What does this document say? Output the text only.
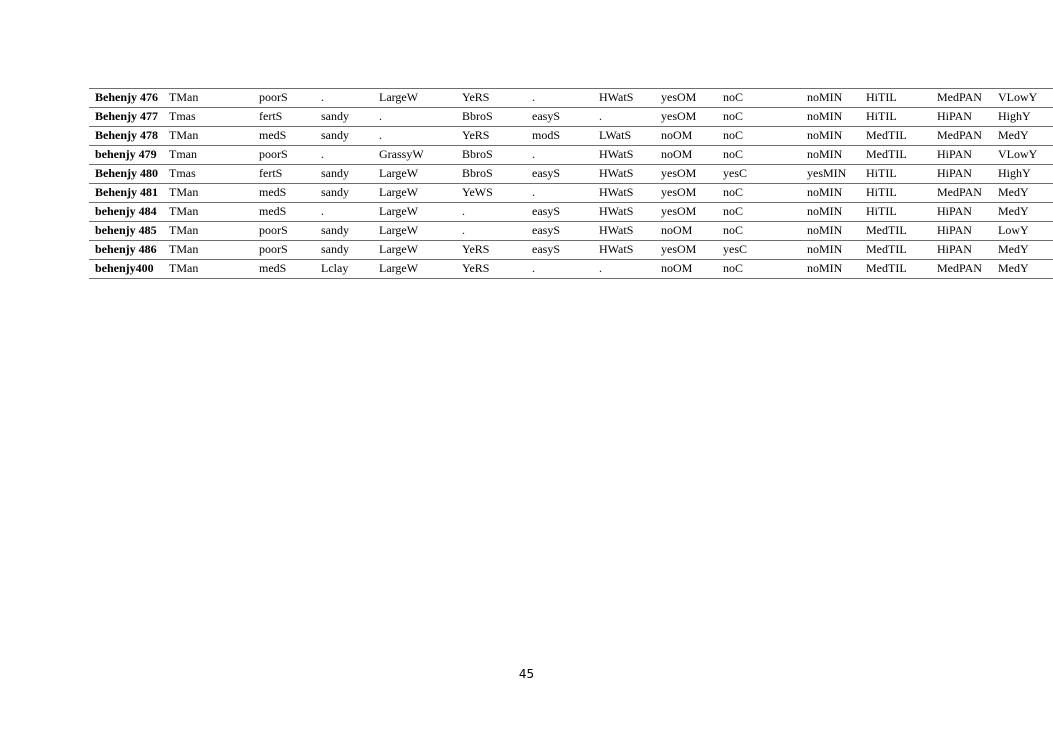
Behenjy 476	TMan	poorS	.	LargeW	YeRS	.	HWatS	yesOM	noC	noMIN	HiTIL	MedPAN	VLowY
Behenjy 477	Tmas	fertS	sandy	.	BbroS	easyS	.	yesOM	noC	noMIN	HiTIL	HiPAN	HighY
Behenjy 478	TMan	medS	sandy	.	YeRS	modS	LWatS	noOM	noC	noMIN	MedTIL	MedPAN	MedY
behenjy 479	Tman	poorS	.	GrassyW	BbroS	.	HWatS	noOM	noC	noMIN	MedTIL	HiPAN	VLowY
Behenjy 480	Tmas	fertS	sandy	LargeW	BbroS	easyS	HWatS	yesOM	yesC	yesMIN	HiTIL	HiPAN	HighY
Behenjy 481	TMan	medS	sandy	LargeW	YeWS	.	HWatS	yesOM	noC	noMIN	HiTIL	MedPAN	MedY
behenjy 484	TMan	medS	.	LargeW	.	easyS	HWatS	yesOM	noC	noMIN	HiTIL	HiPAN	MedY
behenjy 485	TMan	poorS	sandy	LargeW	.	easyS	HWatS	noOM	noC	noMIN	MedTIL	HiPAN	LowY
behenjy 486	TMan	poorS	sandy	LargeW	YeRS	easyS	HWatS	yesOM	yesC	noMIN	MedTIL	HiPAN	MedY
behenjy400	TMan	medS	Lclay	LargeW	YeRS	.	.	noOM	noC	noMIN	MedTIL	MedPAN	MedY
45
